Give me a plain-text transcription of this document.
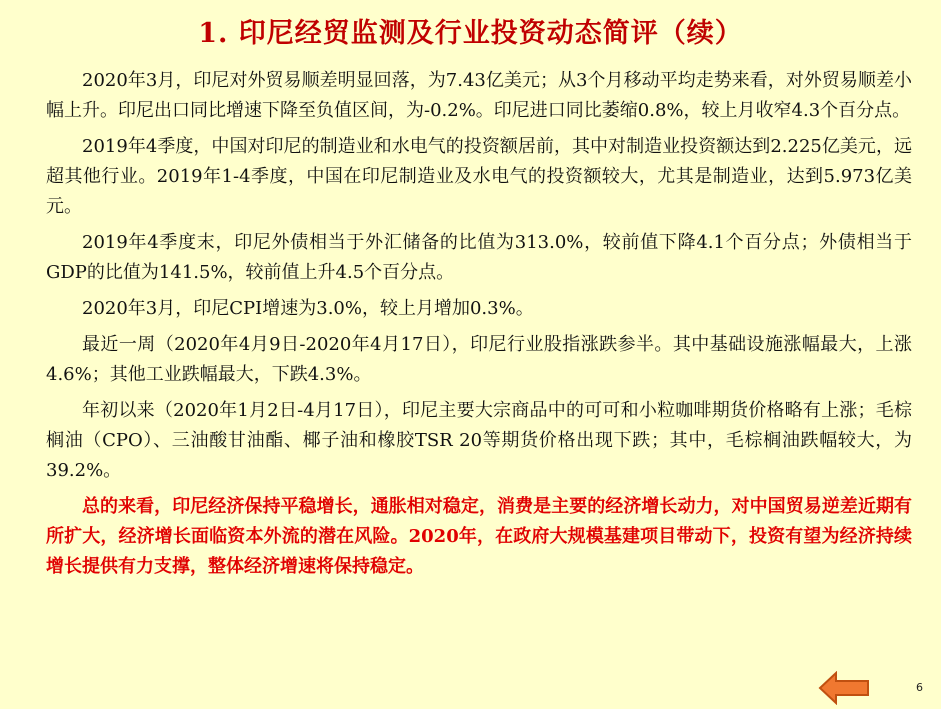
1. 印尼经贸监测及行业投资动态简评（续）

2020年3月，印尼对外贸易顺差明显回落，为7.43亿美元；从3个月移动平均走势来看，对外贸易顺差小幅上升。印尼出口同比增速下降至负值区间，为-0.2%。印尼进口同比萎缩0.8%，较上月收窄4.3个百分点。

2019年4季度，中国对印尼的制造业和水电气的投资额居前，其中对制造业投资额达到2.225亿美元，远超其他行业。2019年1-4季度，中国在印尼制造业及水电气的投资额较大，尤其是制造业，达到5.973亿美元。

2019年4季度末，印尼外债相当于外汇储备的比值为313.0%，较前值下降4.1个百分点；外债相当于GDP的比值为141.5%，较前值上升4.5个百分点。

2020年3月，印尼CPI增速为3.0%，较上月增加0.3%。

最近一周（2020年4月9日-2020年4月17日），印尼行业股指涨跌参半。其中基础设施涨幅最大，上涨4.6%；其他工业跌幅最大，下跌4.3%。

年初以来（2020年1月2日-4月17日），印尼主要大宗商品中的可可和小粒咖啡期货价格略有上涨；毛棕榈油（CPO）、三油酸甘油酯、椰子油和橡胶TSR 20等期货价格出现下跌；其中，毛棕榈油跌幅较大，为39.2%。

总的来看，印尼经济保持平稳增长，通胀相对稳定，消费是主要的经济增长动力，对中国贸易逆差近期有所扩大，经济增长面临资本外流的潜在风险。2020年，在政府大规模基建项目带动下，投资有望为经济持续增长提供有力支撑，整体经济增速将保持稳定。

6
